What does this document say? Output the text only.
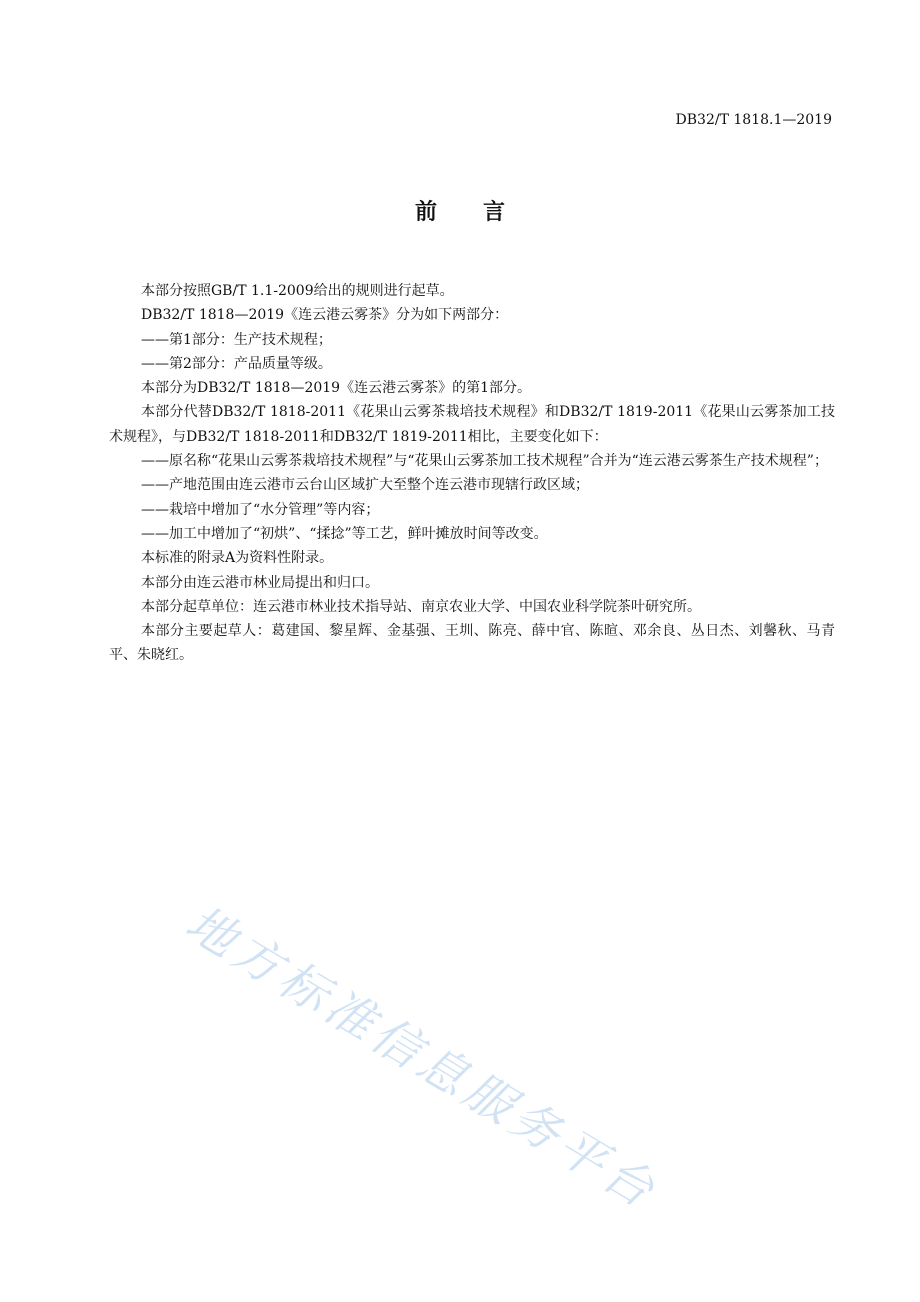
DB32/T 1818.1—2019
前 言

本部分按照GB/T 1.1-2009给出的规则进行起草。

DB32/T 1818—2019《连云港云雾茶》分为如下两部分：

——第1部分：生产技术规程；

——第2部分：产品质量等级。

本部分为DB32/T 1818—2019《连云港云雾茶》的第1部分。

本部分代替DB32/T 1818-2011《花果山云雾茶栽培技术规程》和DB32/T 1819-2011《花果山云雾茶加工技术规程》，与DB32/T 1818-2011和DB32/T 1819-2011相比，主要变化如下：

——原名称“花果山云雾茶栽培技术规程”与“花果山云雾茶加工技术规程”合并为“连云港云雾茶生产技术规程”；

——产地范围由连云港市云台山区域扩大至整个连云港市现辖行政区域；

——栽培中增加了“水分管理”等内容；

——加工中增加了“初烘”、“揉捻”等工艺，鲜叶摊放时间等改变。

本标准的附录A为资料性附录。

本部分由连云港市林业局提出和归口。

本部分起草单位：连云港市林业技术指导站、南京农业大学、中国农业科学院茶叶研究所。

本部分主要起草人：葛建国、黎星辉、金基强、王圳、陈亮、薛中官、陈暄、邓余良、丛日杰、刘馨秋、马青平、朱晓红。

地方标准信息服务平台
